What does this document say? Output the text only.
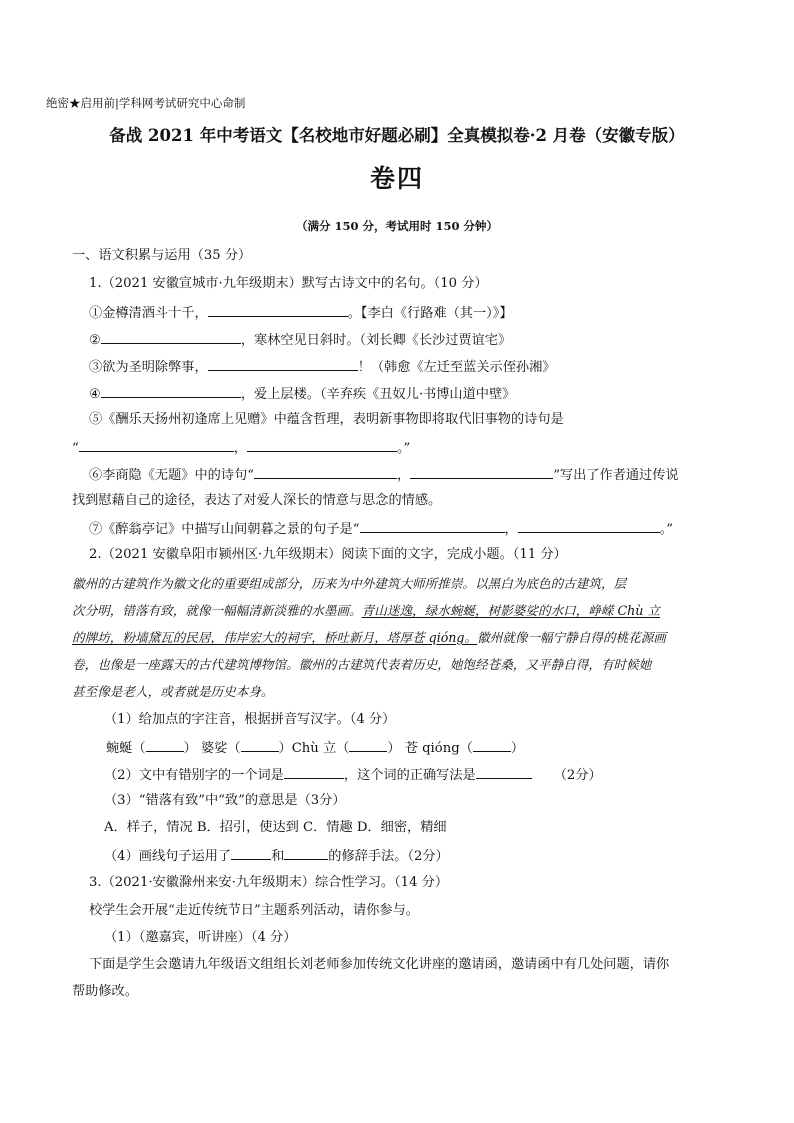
绝密★启用前|学科网考试研究中心命制
备战 2021 年中考语文【名校地市好题必刷】全真模拟卷·2 月卷（安徽专版）
卷四
（满分 150 分，考试用时 150 分钟）
一、语文积累与运用（35 分）
1.（2021 安徽宣城市·九年级期末）默写古诗文中的名句。（10 分）
①金樽清酒斗十千，	。【李白《行路难（其一）》】
②	，寒林空见日斜时。（刘长卿《长沙过贾谊宅》
③欲为圣明除弊事，	！（韩愈《左迁至蓝关示侄孙湘》
④	，爱上层楼。（辛弃疾《丑奴儿·书博山道中壁》
⑤《酬乐天扬州初逢席上见赠》中蕴含哲理，表明新事物即将取代旧事物的诗句是
“	，	。”
⑥李商隐《无题》中的诗句“	，	”写出了作者通过传说
找到慰藉自己的途径，表达了对爱人深长的情意与思念的情感。
⑦《醉翁亭记》中描写山间朝暮之景的句子是“	，	。”
2.（2021 安徽阜阳市颍州区·九年级期末）阅读下面的文字，完成小题。（11 分）
徽州的古建筑作为徽文化的重要组成部分，历来为中外建筑大师所推崇。以黑白为底色的古建筑，层
次分明，错落有致，就像一幅幅清新淡雅的水墨画。青山迷逸，绿水蜿蜒，树影婆娑的水口，峥嵘 Chù 立
的牌坊，粉墙黛瓦的民居，伟岸宏大的祠宇，桥吐新月，塔厚苍 qióng。徽州就像一幅宁静自得的桃花源画
卷，也像是一座露天的古代建筑博物馆。徽州的古建筑代表着历史，她饱经苍桑，又平静自得，有时候她
甚至像是老人，或者就是历史本身。
（1）给加点的字注音，根据拼音写汉字。（4 分）
蜿蜒（	） 婆娑（	）Chù 立（	） 苍 qióng（	）
（2）文中有错别字的一个词是	，这个词的正确写法是	（2分）
（3）“错落有致”中“致”的意思是（3分）
A．样子，情况 B．招引，使达到 C．情趣 D．细密，精细
（4）画线句子运用了	和	的修辞手法。（2分）
3.（2021·安徽滁州来安·九年级期末）综合性学习。（14 分）
校学生会开展“走近传统节日”主题系列活动，请你参与。
（1）（邀嘉宾，听讲座）（4 分）
下面是学生会邀请九年级语文组组长刘老师参加传统文化讲座的邀请函，邀请函中有几处问题，请你
帮助修改。
